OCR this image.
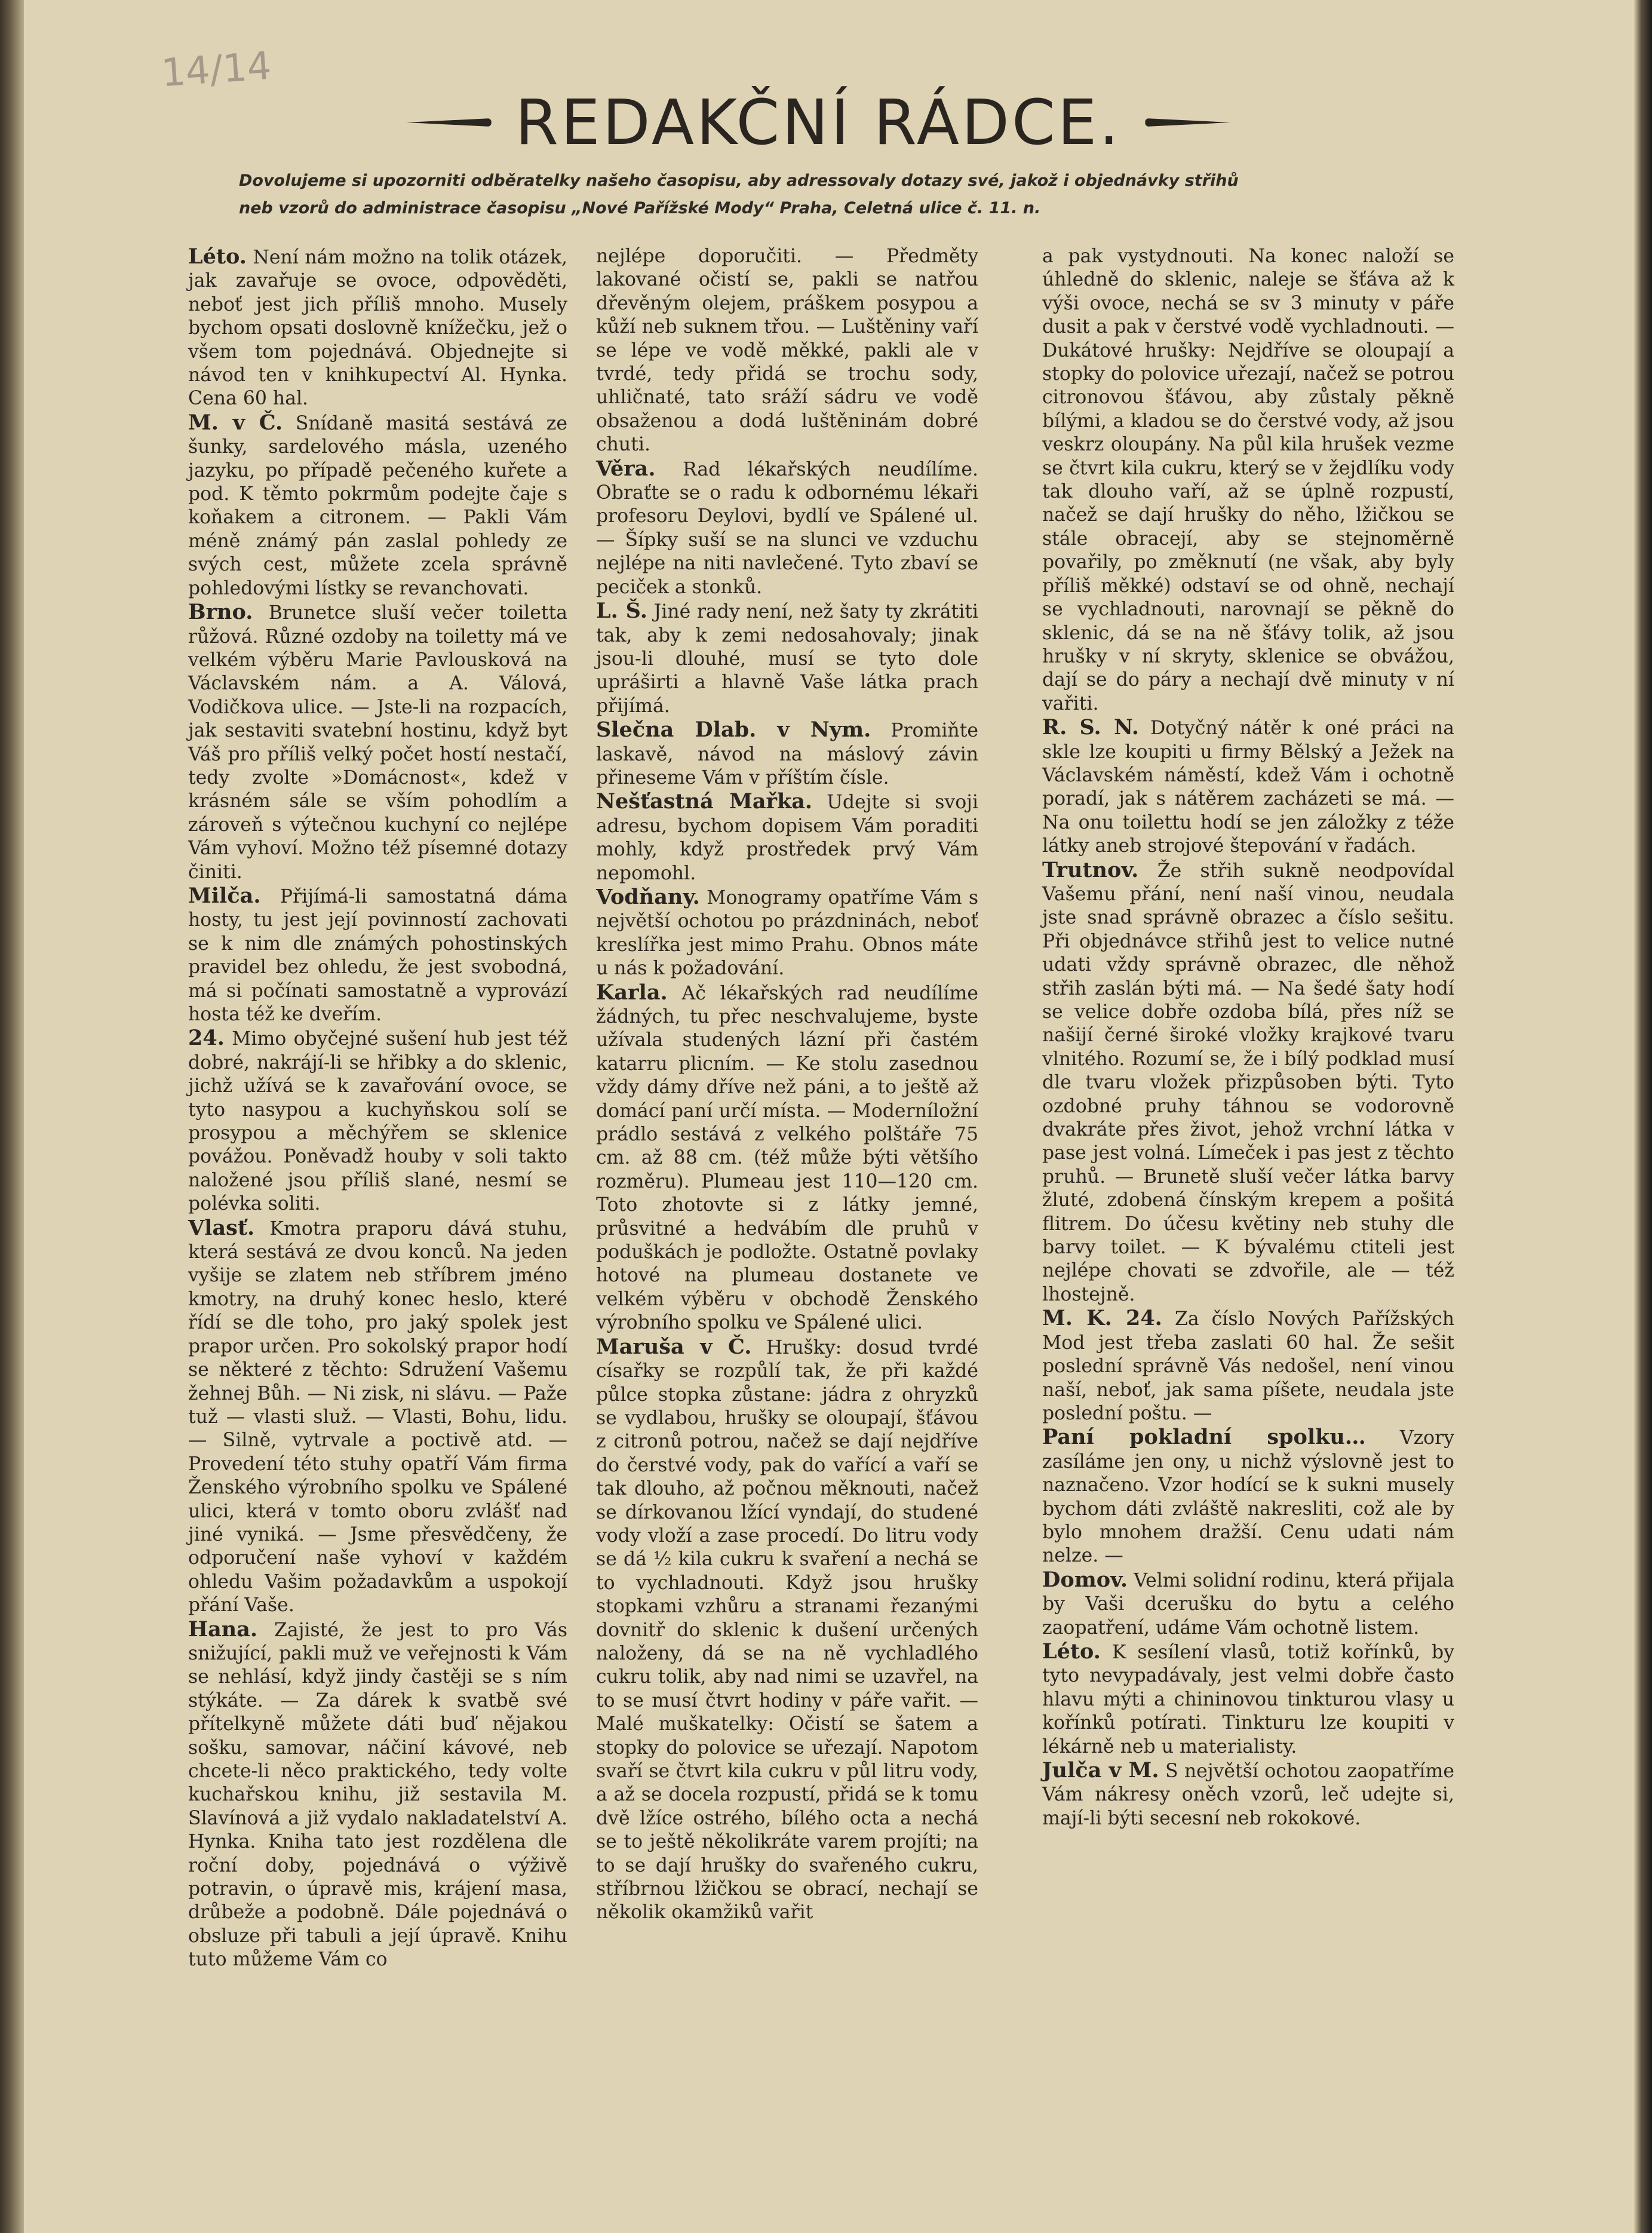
14/14
REDAKČNÍ RÁDCE.

Dovolujeme si upozorniti odběratelky našeho časopisu, aby adressovaly dotazy své, jakož i objednávky střihů

neb vzorů do administrace časopisu „Nové Pařížské Mody“ Praha, Celetná ulice č. 11. n.

Léto. Není nám možno na tolik otázek, jak zavařuje se ovoce, odpověděti, neboť jest jich příliš mnoho. Musely bychom opsati doslovně knížečku, jež o všem tom pojednává. Objednejte si návod ten v knihkupectví Al. Hynka. Cena 60 hal.

M. v Č. Snídaně masitá sestává ze šunky, sardelového másla, uzeného jazyku, po případě pečeného kuřete a pod. K těmto pokrmům podejte čaje s koňakem a citronem. — Pakli Vám méně známý pán zaslal pohledy ze svých cest, můžete zcela správně pohledovými lístky se revanchovati.

Brno. Brunetce sluší večer toiletta růžová. Různé ozdoby na toiletty má ve velkém výběru Marie Pavlousková na Václavském nám. a A. Válová, Vodičkova ulice. — Jste-li na rozpacích, jak sestaviti svatební hostinu, když byt Váš pro příliš velký počet hostí nestačí, tedy zvolte »Domácnost«, kdež v krásném sále se vším pohodlím a zároveň s výtečnou kuchyní co nejlépe Vám vyhoví. Možno též písemné dotazy činiti.

Milča. Přijímá-li samostatná dáma hosty, tu jest její povinností zachovati se k nim dle známých pohostinských pravidel bez ohledu, že jest svobodná, má si počínati samostatně a vyprovází hosta též ke dveřím.

24. Mimo obyčejné sušení hub jest též dobré, nakrájí-li se hřibky a do sklenic, jichž užívá se k zavařování ovoce, se tyto nasypou a kuchyňskou solí se prosypou a měchýřem se sklenice povážou. Poněvadž houby v soli takto naložené jsou příliš slané, nesmí se polévka soliti.

Vlasť. Kmotra praporu dává stuhu, která sestává ze dvou konců. Na jeden vyšije se zlatem neb stříbrem jméno kmotry, na druhý konec heslo, které řídí se dle toho, pro jaký spolek jest prapor určen. Pro sokolský prapor hodí se některé z těchto: Sdružení Vašemu žehnej Bůh. — Ni zisk, ni slávu. — Paže tuž — vlasti služ. — Vlasti, Bohu, lidu. — Silně, vytrvale a poctivě atd. — Provedení této stuhy opatří Vám firma Ženského výrobního spolku ve Spálené ulici, která v tomto oboru zvlášť nad jiné vyniká. — Jsme přesvědčeny, že odporučení naše vyhoví v každém ohledu Vašim požadavkům a uspokojí přání Vaše.

Hana. Zajisté, že jest to pro Vás snižující, pakli muž ve veřejnosti k Vám se nehlásí, když jindy častěji se s ním stýkáte. — Za dárek k svatbě své přítelkyně můžete dáti buď nějakou sošku, samovar, náčiní kávové, neb chcete-li něco praktického, tedy volte kuchařskou knihu, již sestavila M. Slavínová a již vydalo nakladatelství A. Hynka. Kniha tato jest rozdělena dle roční doby, pojednává o výživě potravin, o úpravě mis, krájení masa, drůbeže a podobně. Dále pojednává o obsluze při tabuli a její úpravě. Knihu tuto můžeme Vám co

nejlépe doporučiti. — Předměty lakované očistí se, pakli se natřou dřevěným olejem, práškem posypou a kůží neb suknem třou. — Luštěniny vaří se lépe ve vodě měkké, pakli ale v tvrdé, tedy přidá se trochu sody, uhličnaté, tato sráží sádru ve vodě obsaženou a dodá luštěninám dobré chuti.

Věra. Rad lékařských neudílíme. Obraťte se o radu k odbornému lékaři profesoru Deylovi, bydlí ve Spálené ul. — Šípky suší se na slunci ve vzduchu nejlépe na niti navlečené. Tyto zbaví se peciček a stonků.

L. Š. Jiné rady není, než šaty ty zkrátiti tak, aby k zemi nedosahovaly; jinak jsou-li dlouhé, musí se tyto dole upráširti a hlavně Vaše látka prach přijímá.

Slečna Dlab. v Nym. Promiňte laskavě, návod na máslový závin přineseme Vám v příštím čísle.

Nešťastná Mařka. Udejte si svoji adresu, bychom dopisem Vám poraditi mohly, když prostředek prvý Vám nepomohl.

Vodňany. Monogramy opatříme Vám s největší ochotou po prázdninách, neboť kreslířka jest mimo Prahu. Obnos máte u nás k požadování.

Karla. Ač lékařských rad neudílíme žádných, tu přec neschvalujeme, byste užívala studených lázní při častém katarru plicním. — Ke stolu zasednou vždy dámy dříve než páni, a to ještě až domácí paní určí místa. — Moderníložní prádlo sestává z velkého polštáře 75 cm. až 88 cm. (též může býti většího rozměru). Plumeau jest 110—120 cm. Toto zhotovte si z látky jemné, průsvitné a hedvábím dle pruhů v poduškách je podložte. Ostatně povlaky hotové na plumeau dostanete ve velkém výběru v obchodě Ženského výrobního spolku ve Spálené ulici.

Maruša v Č. Hrušky: dosud tvrdé císařky se rozpůlí tak, že při každé půlce stopka zůstane: jádra z ohryzků se vydlabou, hrušky se oloupají, šťávou z citronů potrou, načež se dají nejdříve do čerstvé vody, pak do vařící a vaří se tak dlouho, až počnou měknouti, načež se dírkovanou lžící vyndají, do studené vody vloží a zase procedí. Do litru vody se dá ½ kila cukru k svaření a nechá se to vychladnouti. Když jsou hrušky stopkami vzhůru a stranami řezanými dovnitř do sklenic k dušení určených naloženy, dá se na ně vychladlého cukru tolik, aby nad nimi se uzavřel, na to se musí čtvrt hodiny v páře vařit. — Malé muškatelky: Očistí se šatem a stopky do polovice se uřezají. Napotom svaří se čtvrt kila cukru v půl litru vody, a až se docela rozpustí, přidá se k tomu dvě lžíce ostrého, bílého octa a nechá se to ještě několikráte varem projíti; na to se dají hrušky do svařeného cukru, stříbrnou lžičkou se obrací, nechají se několik okamžiků vařit

a pak vystydnouti. Na konec naloží se úhledně do sklenic, naleje se šťáva až k výši ovoce, nechá se sv 3 minuty v páře dusit a pak v čerstvé vodě vychladnouti. — Dukátové hrušky: Nejdříve se oloupají a stopky do polovice uřezají, načež se potrou citronovou šťávou, aby zůstaly pěkně bílými, a kladou se do čerstvé vody, až jsou veskrz oloupány. Na půl kila hrušek vezme se čtvrt kila cukru, který se v žejdlíku vody tak dlouho vaří, až se úplně rozpustí, načež se dají hrušky do něho, lžičkou se stále obracejí, aby se stejnoměrně povařily, po změknutí (ne však, aby byly příliš měkké) odstaví se od ohně, nechají se vychladnouti, narovnají se pěkně do sklenic, dá se na ně šťávy tolik, až jsou hrušky v ní skryty, sklenice se obvážou, dají se do páry a nechají dvě minuty v ní vařiti.

R. S. N. Dotyčný nátěr k oné práci na skle lze koupiti u firmy Bělský a Ježek na Václavském náměstí, kdež Vám i ochotně poradí, jak s nátěrem zacházeti se má. — Na onu toilettu hodí se jen záložky z téže látky aneb strojové štepování v řadách.

Trutnov. Že střih sukně neodpovídal Vašemu přání, není naší vinou, neudala jste snad správně obrazec a číslo sešitu. Při objednávce střihů jest to velice nutné udati vždy správně obrazec, dle něhož střih zaslán býti má. — Na šedé šaty hodí se velice dobře ozdoba bílá, přes níž se našijí černé široké vložky krajkové tvaru vlnitého. Rozumí se, že i bílý podklad musí dle tvaru vložek přizpůsoben býti. Tyto ozdobné pruhy táhnou se vodorovně dvakráte přes život, jehož vrchní látka v pase jest volná. Límeček i pas jest z těchto pruhů. — Brunetě sluší večer látka barvy žluté, zdobená čínským krepem a pošitá flitrem. Do účesu květiny neb stuhy dle barvy toilet. — K bývalému ctiteli jest nejlépe chovati se zdvořile, ale — též lhostejně.

M. K. 24. Za číslo Nových Pařížských Mod jest třeba zaslati 60 hal. Že sešit poslední správně Vás nedošel, není vinou naší, neboť, jak sama píšete, neudala jste poslední poštu. —

Paní pokladní spolku… Vzory zasíláme jen ony, u nichž výslovně jest to naznačeno. Vzor hodící se k sukni musely bychom dáti zvláště nakresliti, což ale by bylo mnohem dražší. Cenu udati nám nelze. —

Domov. Velmi solidní rodinu, která přijala by Vaši dcerušku do bytu a celého zaopatření, udáme Vám ochotně listem.

Léto. K sesílení vlasů, totiž kořínků, by tyto nevypadávaly, jest velmi dobře často hlavu mýti a chininovou tinkturou vlasy u kořínků potírati. Tinkturu lze koupiti v lékárně neb u materialisty.

Julča v M. S největší ochotou zaopatříme Vám nákresy oněch vzorů, leč udejte si, mají-li býti secesní neb rokokové.
